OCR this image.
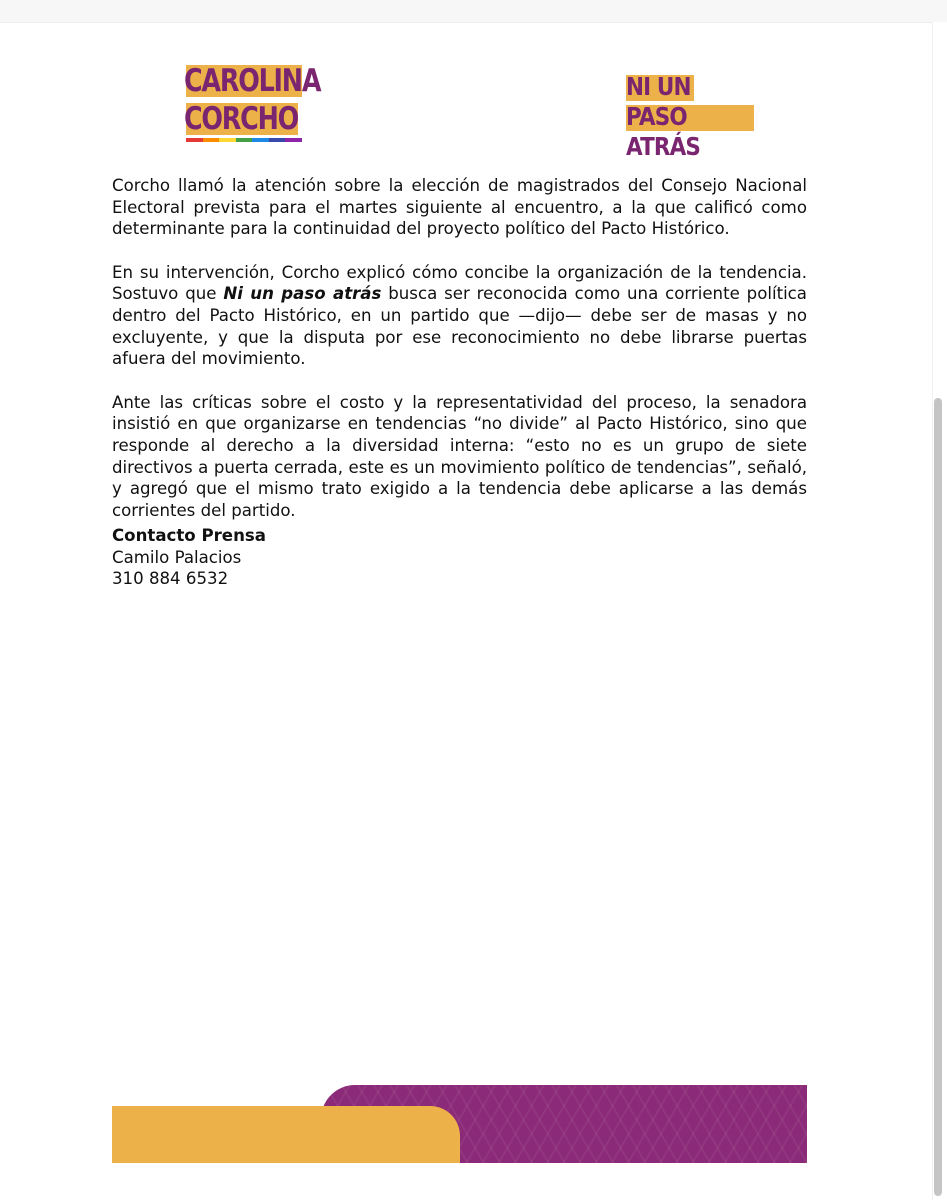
CAROLINA
CORCHO
NI UN
PASO ATRÁS

Corcho llamó la atención sobre la elección de magistrados del Consejo Nacional Electoral prevista para el martes siguiente al encuentro, a la que calificó como determinante para la continuidad del proyecto político del Pacto Histórico.

En su intervención, Corcho explicó cómo concibe la organización de la tendencia. Sostuvo que Ni un paso atrás busca ser reconocida como una corriente política dentro del Pacto Histórico, en un partido que —dijo— debe ser de masas y no excluyente, y que la disputa por ese reconocimiento no debe librarse puertas afuera del movimiento.

Ante las críticas sobre el costo y la representatividad del proceso, la senadora insistió en que organizarse en tendencias “no divide” al Pacto Histórico, sino que responde al derecho a la diversidad interna: “esto no es un grupo de siete directivos a puerta cerrada, este es un movimiento político de tendencias”, señaló, y agregó que el mismo trato exigido a la tendencia debe aplicarse a las demás corrientes del partido.

Contacto Prensa
Camilo Palacios
310 884 6532
